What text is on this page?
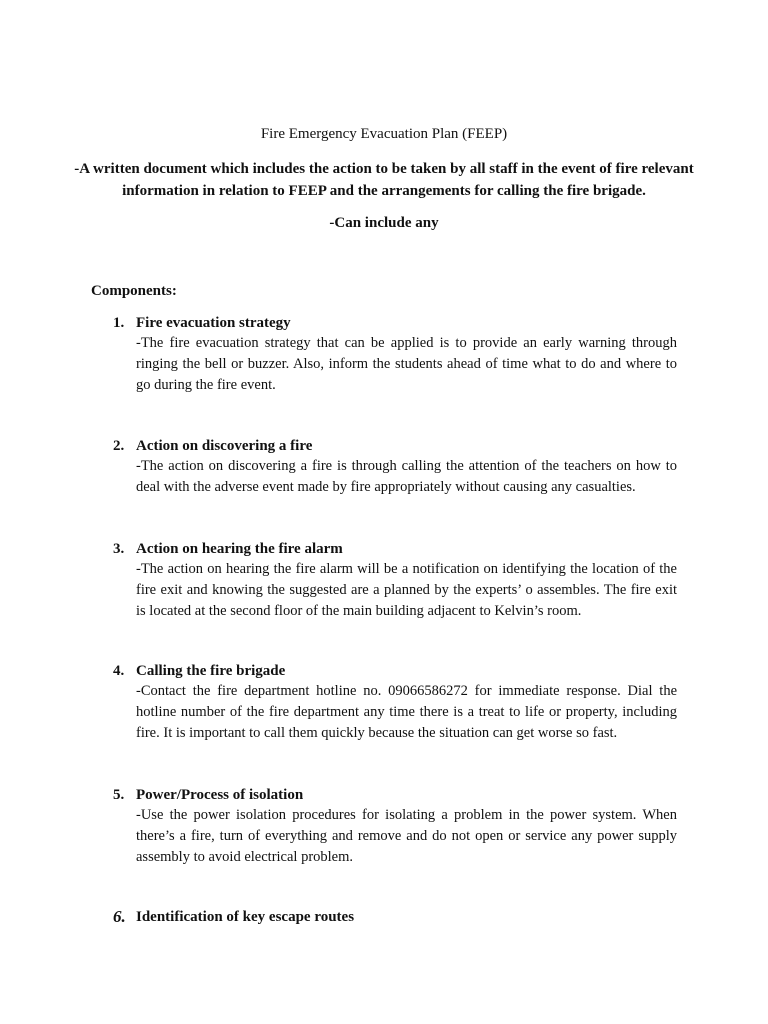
Fire Emergency Evacuation Plan (FEEP)
-A written document which includes the action to be taken by all staff in the event of fire relevant information in relation to FEEP and the arrangements for calling the fire brigade.
-Can include any
Components:
1. Fire evacuation strategy
-The fire evacuation strategy that can be applied is to provide an early warning through ringing the bell or buzzer. Also, inform the students ahead of time what to do and where to go during the fire event.
2. Action on discovering a fire
-The action on discovering a fire is through calling the attention of the teachers on how to deal with the adverse event made by fire appropriately without causing any casualties.
3. Action on hearing the fire alarm
-The action on hearing the fire alarm will be a notification on identifying the location of the fire exit and knowing the suggested are a planned by the experts’ o assembles. The fire exit is located at the second floor of the main building adjacent to Kelvin’s room.
4. Calling the fire brigade
-Contact the fire department hotline no. 09066586272 for immediate response. Dial the hotline number of the fire department any time there is a treat to life or property, including fire. It is important to call them quickly because the situation can get worse so fast.
5. Power/Process of isolation
-Use the power isolation procedures for isolating a problem in the power system. When there’s a fire, turn of everything and remove and do not open or service any power supply assembly to avoid electrical problem.
6. Identification of key escape routes
